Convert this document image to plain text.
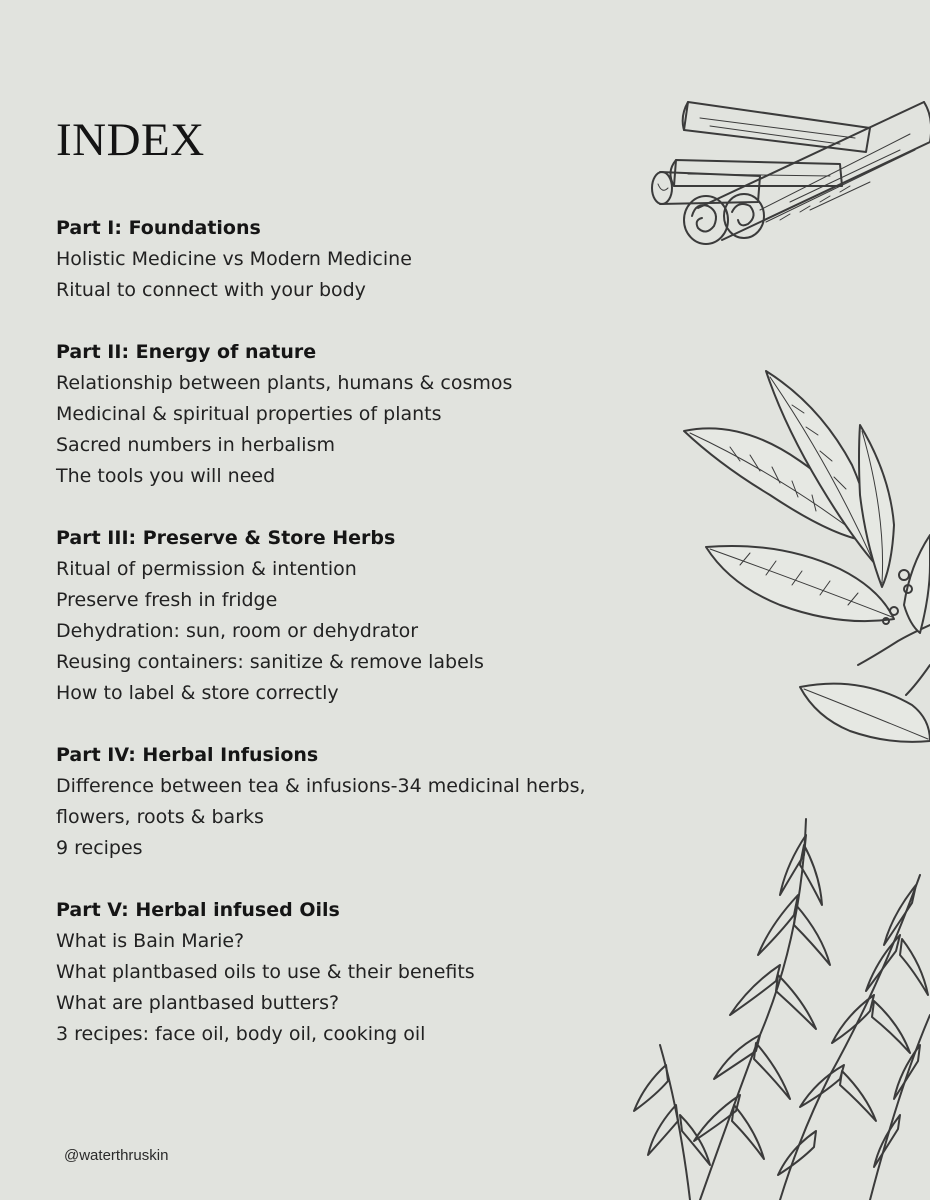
INDEX

Part I: Foundations

Holistic Medicine vs Modern Medicine

Ritual to connect with your body

Part II: Energy of nature

Relationship between plants, humans & cosmos

Medicinal & spiritual properties of plants

Sacred numbers in herbalism

The tools you will need

Part III: Preserve & Store Herbs

Ritual of permission & intention

Preserve fresh in fridge

Dehydration: sun, room or dehydrator

Reusing containers: sanitize & remove labels

How to label & store correctly

Part IV: Herbal Infusions

Difference between tea & infusions-34 medicinal herbs,

flowers, roots & barks

9 recipes

Part V: Herbal infused Oils

What is Bain Marie?

What plantbased oils to use & their benefits

What are plantbased butters?

3 recipes: face oil, body oil, cooking oil

@waterthruskin
